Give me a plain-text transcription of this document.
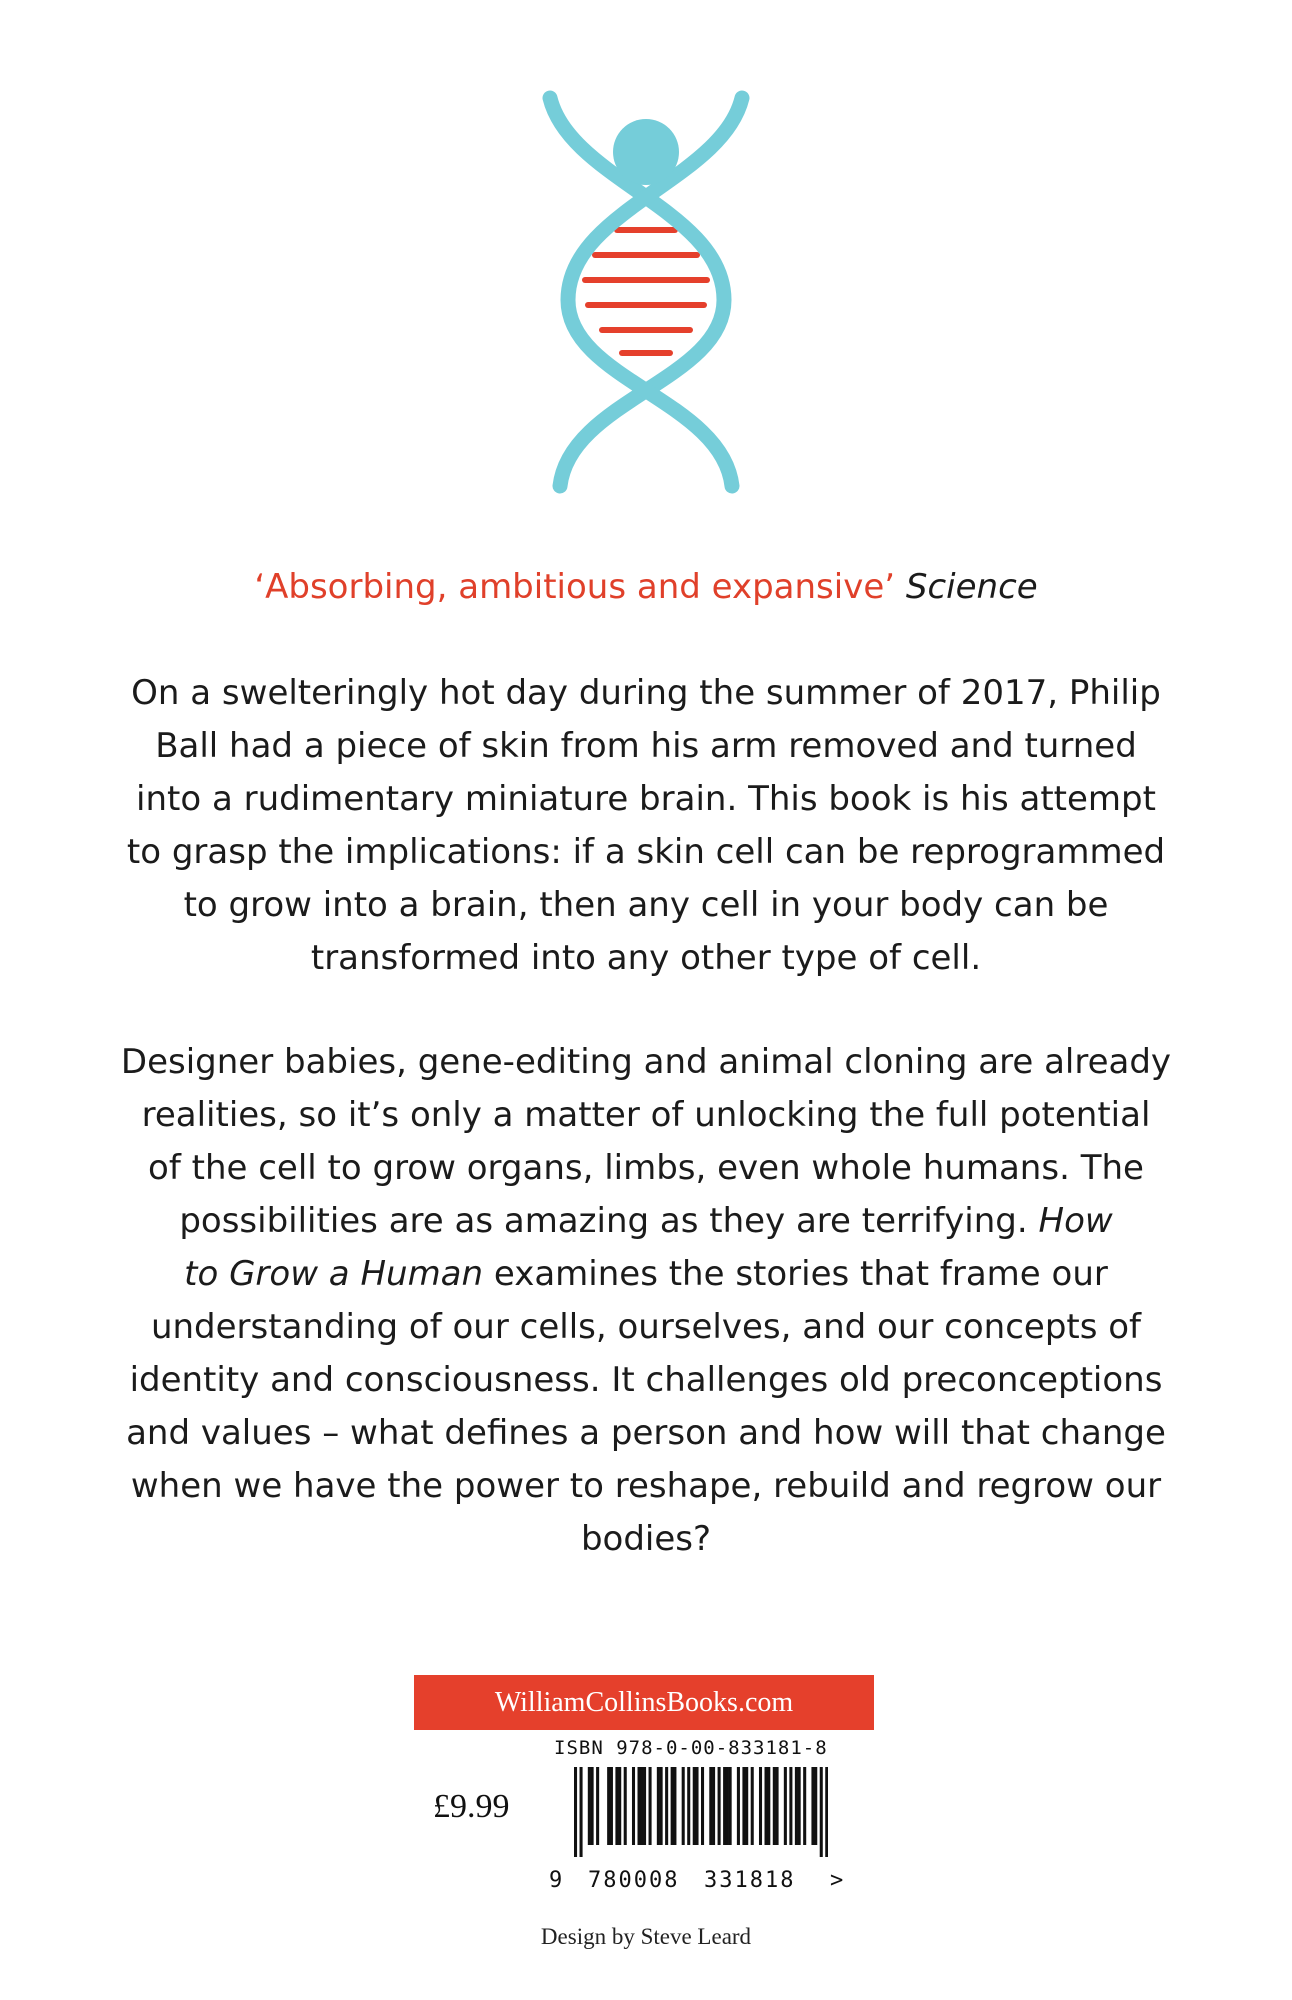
‘Absorbing, ambitious and expansive’ Science

On a swelteringly hot day during the summer of 2017, Philip
Ball had a piece of skin from his arm removed and turned
into a rudimentary miniature brain. This book is his attempt
to grasp the implications: if a skin cell can be reprogrammed
to grow into a brain, then any cell in your body can be
transformed into any other type of cell.

Designer babies, gene-editing and animal cloning are already
realities, so it’s only a matter of unlocking the full potential
of the cell to grow organs, limbs, even whole humans. The
possibilities are as amazing as they are terrifying. How
to Grow a Human examines the stories that frame our
understanding of our cells, ourselves, and our concepts of
identity and consciousness. It challenges old preconceptions
and values – what defines a person and how will that change
when we have the power to reshape, rebuild and regrow our
bodies?

WilliamCollinsBooks.com
ISBN 978-0-00-833181-8
£9.99
9 780008 331818 >
Design by Steve Leard
